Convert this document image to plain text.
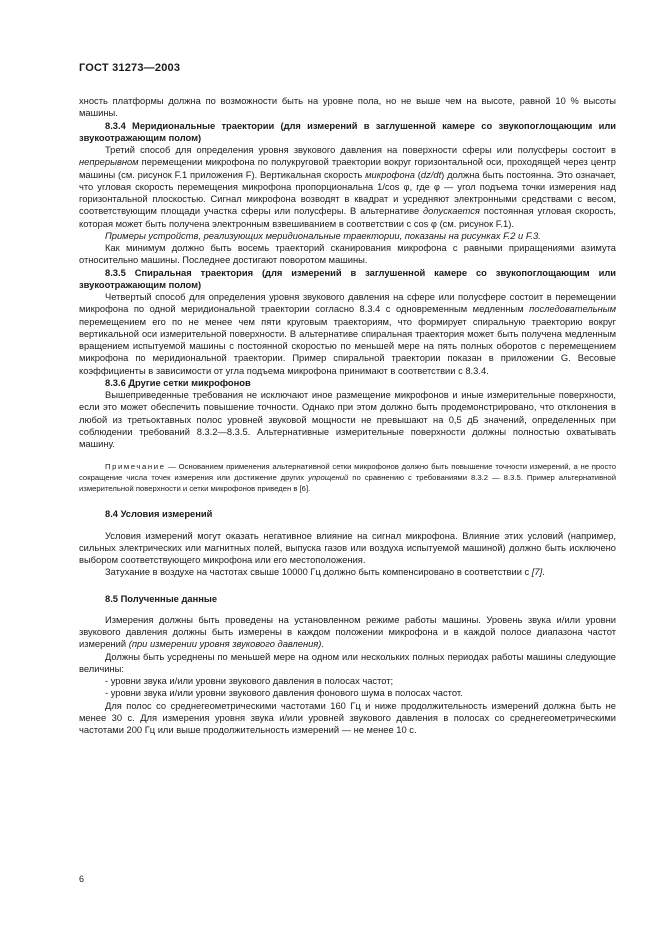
ГОСТ 31273—2003

хность платформы должна по возможности быть на уровне пола, но не выше чем на высоте, равной 10 % высоты машины.

8.3.4 Меридиональные траектории (для измерений в заглушенной камере со звукопоглощающим или звукоотражающим полом)

Третий способ для определения уровня звукового давления на поверхности сферы или полусферы состоит в непрерывном перемещении микрофона по полукруговой траектории вокруг горизонтальной оси, проходящей через центр машины (см. рисунок F.1 приложения F). Вертикальная скорость микрофона (dz/dt) должна быть постоянна. Это означает, что угловая скорость перемещения микрофона пропорциональна 1/cos φ, где φ — угол подъема точки измерения над горизонтальной плоскостью. Сигнал микрофона возводят в квадрат и усредняют электронными средствами с весом, соответствующим площади участка сферы или полусферы. В альтернативе допускается постоянная угловая скорость, которая может быть получена электронным взвешиванием в соответствии с cos φ (см. рисунок F.1).

Примеры устройств, реализующих меридиональные траектории, показаны на рисунках F.2 и F.3.

Как минимум должно быть восемь траекторий сканирования микрофона с равными приращениями азимута относительно машины. Последнее достигают поворотом машины.

8.3.5 Спиральная траектория (для измерений в заглушенной камере со звукопоглощающим или звукоотражающим полом)

Четвертый способ для определения уровня звукового давления на сфере или полусфере состоит в перемещении микрофона по одной меридиональной траектории согласно 8.3.4 с одновременным медленным последовательным перемещением его по не менее чем пяти круговым траекториям, что формирует спиральную траекторию вокруг вертикальной оси измерительной поверхности. В альтернативе спиральная траектория может быть получена медленным вращением испытуемой машины с постоянной скоростью по меньшей мере на пять полных оборотов с перемещением микрофона по меридиональной траектории. Пример спиральной траектории показан в приложении G. Весовые коэффициенты в зависимости от угла подъема микрофона принимают в соответствии с 8.3.4.

8.3.6 Другие сетки микрофонов

Вышеприведенные требования не исключают иное размещение микрофонов и иные измерительные поверхности, если это может обеспечить повышение точности. Однако при этом должно быть продемонстрировано, что отклонения в любой из третьоктавных полос уровней звуковой мощности не превышают на 0,5 дБ значений, определенных при соблюдении требований 8.3.2—8.3.5. Альтернативные измерительные поверхности должны полностью охватывать машину.

Примечание — Основанием применения альтернативной сетки микрофонов должно быть повышение точности измерений, а не просто сокращение числа точек измерения или достижение других упрощений по сравнению с требованиями 8.3.2 — 8.3.5. Пример альтернативной измерительной поверхности и сетки микрофонов приведен в [6].

8.4 Условия измерений

Условия измерений могут оказать негативное влияние на сигнал микрофона. Влияние этих условий (например, сильных электрических или магнитных полей, выпуска газов или воздуха испытуемой машиной) должно быть исключено выбором соответствующего микрофона или его местоположения.

Затухание в воздухе на частотах свыше 10000 Гц должно быть компенсировано в соответствии с [7].

8.5 Полученные данные

Измерения должны быть проведены на установленном режиме работы машины. Уровень звука и/или уровни звукового давления должны быть измерены в каждом положении микрофона и в каждой полосе диапазона частот измерений (при измерении уровня звукового давления).

Должны быть усреднены по меньшей мере на одном или нескольких полных периодах работы машины следующие величины:

- уровни звука и/или уровни звукового давления в полосах частот;

- уровни звука и/или уровни звукового давления фонового шума в полосах частот.

Для полос со среднегеометрическими частотами 160 Гц и ниже продолжительность измерений должна быть не менее 30 с. Для измерения уровня звука и/или уровней звукового давления в полосах со среднегеометрическими частотами 200 Гц или выше продолжительность измерений — не менее 10 с.

6
